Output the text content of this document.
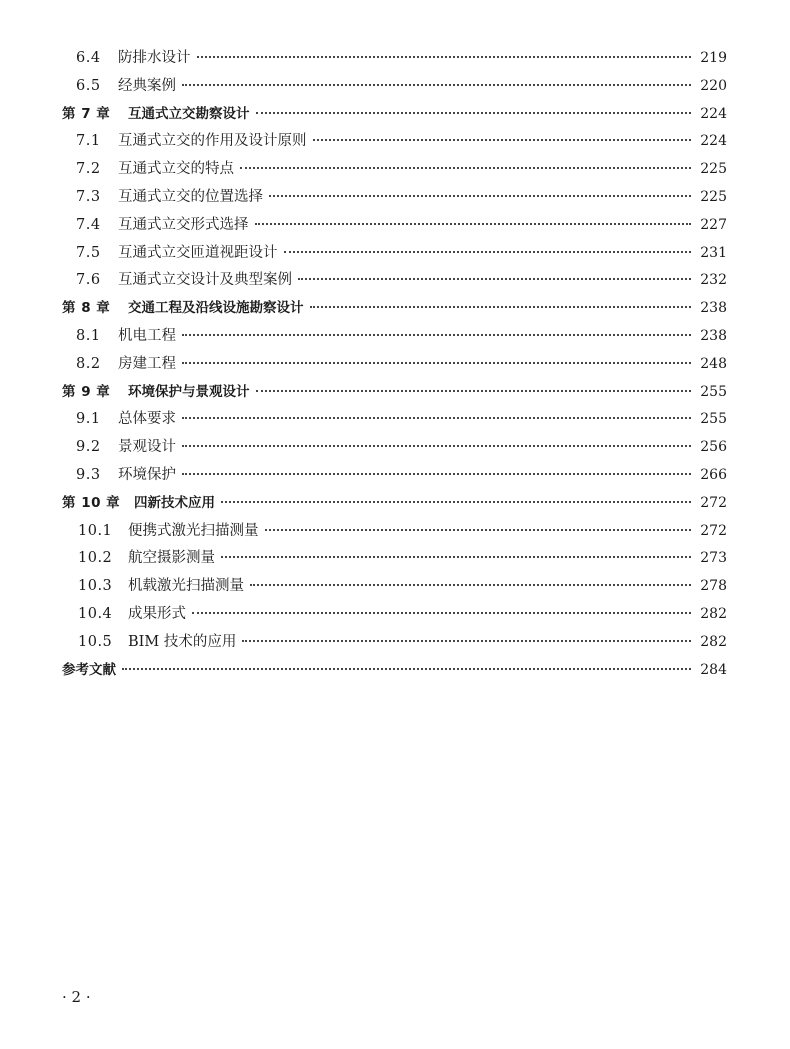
6.4	防排水设计	219
6.5	经典案例	220
第 7 章	互通式立交勘察设计	224
7.1	互通式立交的作用及设计原则	224
7.2	互通式立交的特点	225
7.3	互通式立交的位置选择	225
7.4	互通式立交形式选择	227
7.5	互通式立交匝道视距设计	231
7.6	互通式立交设计及典型案例	232
第 8 章	交通工程及沿线设施勘察设计	238
8.1	机电工程	238
8.2	房建工程	248
第 9 章	环境保护与景观设计	255
9.1	总体要求	255
9.2	景观设计	256
9.3	环境保护	266
第 10 章	四新技术应用	272
10.1	便携式激光扫描测量	272
10.2	航空摄影测量	273
10.3	机载激光扫描测量	278
10.4	成果形式	282
10.5	BIM 技术的应用	282
参考文献	284
· 2 ·
